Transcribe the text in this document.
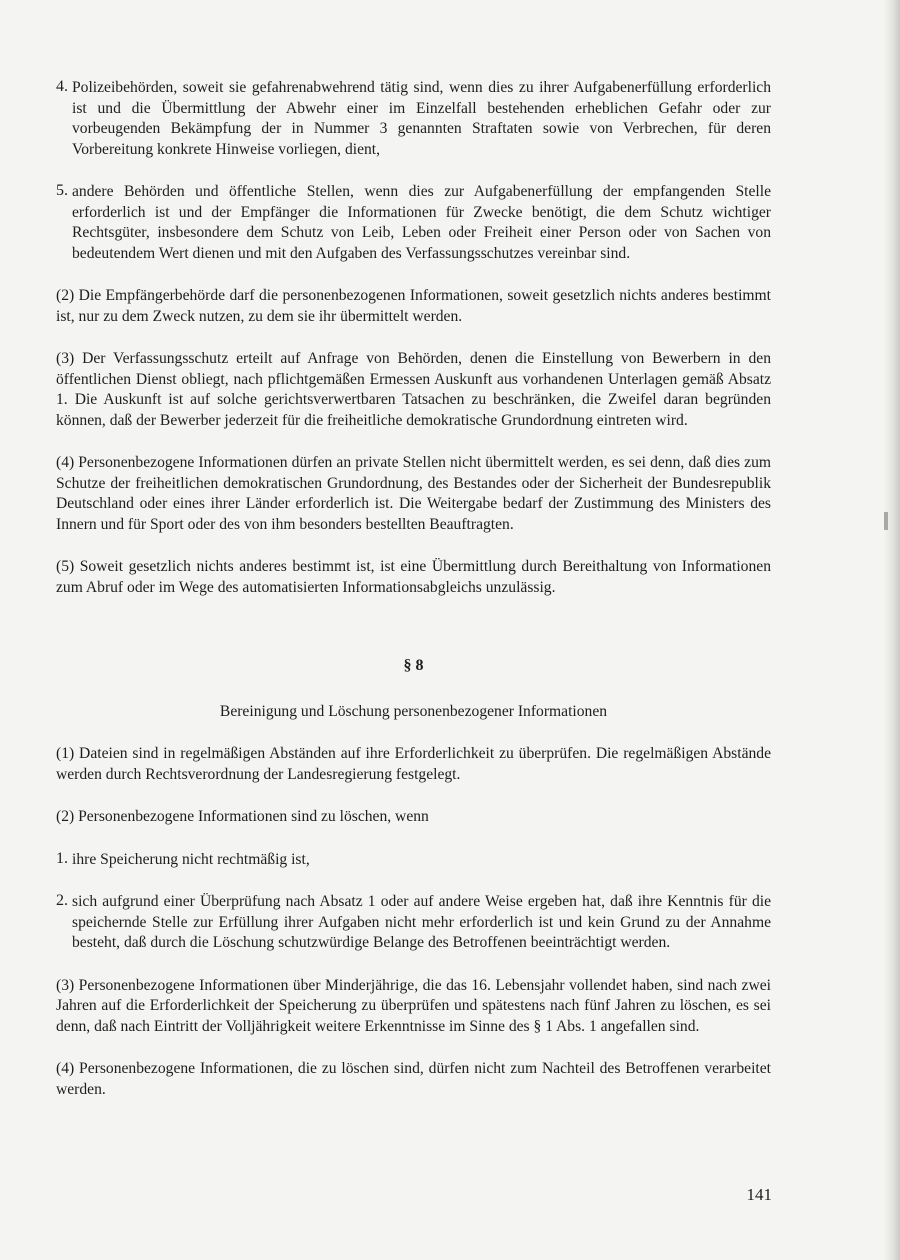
4. Polizeibehörden, soweit sie gefahrenabwehrend tätig sind, wenn dies zu ihrer Aufgabenerfüllung erforderlich ist und die Übermittlung der Abwehr einer im Einzelfall bestehenden erheblichen Gefahr oder zur vorbeugenden Bekämpfung der in Nummer 3 genannten Straftaten sowie von Verbrechen, für deren Vorbereitung konkrete Hinweise vorliegen, dient,

5. andere Behörden und öffentliche Stellen, wenn dies zur Aufgabenerfüllung der empfangenden Stelle erforderlich ist und der Empfänger die Informationen für Zwecke benötigt, die dem Schutz wichtiger Rechtsgüter, insbesondere dem Schutz von Leib, Leben oder Freiheit einer Person oder von Sachen von bedeutendem Wert dienen und mit den Aufgaben des Verfassungsschutzes vereinbar sind.

(2) Die Empfängerbehörde darf die personenbezogenen Informationen, soweit gesetzlich nichts anderes bestimmt ist, nur zu dem Zweck nutzen, zu dem sie ihr übermittelt werden.

(3) Der Verfassungsschutz erteilt auf Anfrage von Behörden, denen die Einstellung von Bewerbern in den öffentlichen Dienst obliegt, nach pflichtgemäßen Ermessen Auskunft aus vorhandenen Unterlagen gemäß Absatz 1. Die Auskunft ist auf solche gerichtsverwertbaren Tatsachen zu beschränken, die Zweifel daran begründen können, daß der Bewerber jederzeit für die freiheitliche demokratische Grundordnung eintreten wird.

(4) Personenbezogene Informationen dürfen an private Stellen nicht übermittelt werden, es sei denn, daß dies zum Schutze der freiheitlichen demokratischen Grundordnung, des Bestandes oder der Sicherheit der Bundesrepublik Deutschland oder eines ihrer Länder erforderlich ist. Die Weitergabe bedarf der Zustimmung des Ministers des Innern und für Sport oder des von ihm besonders bestellten Beauftragten.

(5) Soweit gesetzlich nichts anderes bestimmt ist, ist eine Übermittlung durch Bereithaltung von Informationen zum Abruf oder im Wege des automatisierten Informationsabgleichs unzulässig.

§ 8
Bereinigung und Löschung personenbezogener Informationen

(1) Dateien sind in regelmäßigen Abständen auf ihre Erforderlichkeit zu überprüfen. Die regelmäßigen Abstände werden durch Rechtsverordnung der Landesregierung festgelegt.

(2) Personenbezogene Informationen sind zu löschen, wenn

1. ihre Speicherung nicht rechtmäßig ist,

2. sich aufgrund einer Überprüfung nach Absatz 1 oder auf andere Weise ergeben hat, daß ihre Kenntnis für die speichernde Stelle zur Erfüllung ihrer Aufgaben nicht mehr erforderlich ist und kein Grund zu der Annahme besteht, daß durch die Löschung schutzwürdige Belange des Betroffenen beeinträchtigt werden.

(3) Personenbezogene Informationen über Minderjährige, die das 16. Lebensjahr vollendet haben, sind nach zwei Jahren auf die Erforderlichkeit der Speicherung zu überprüfen und spätestens nach fünf Jahren zu löschen, es sei denn, daß nach Eintritt der Volljährigkeit weitere Erkenntnisse im Sinne des § 1 Abs. 1 angefallen sind.

(4) Personenbezogene Informationen, die zu löschen sind, dürfen nicht zum Nachteil des Betroffenen verarbeitet werden.

141
